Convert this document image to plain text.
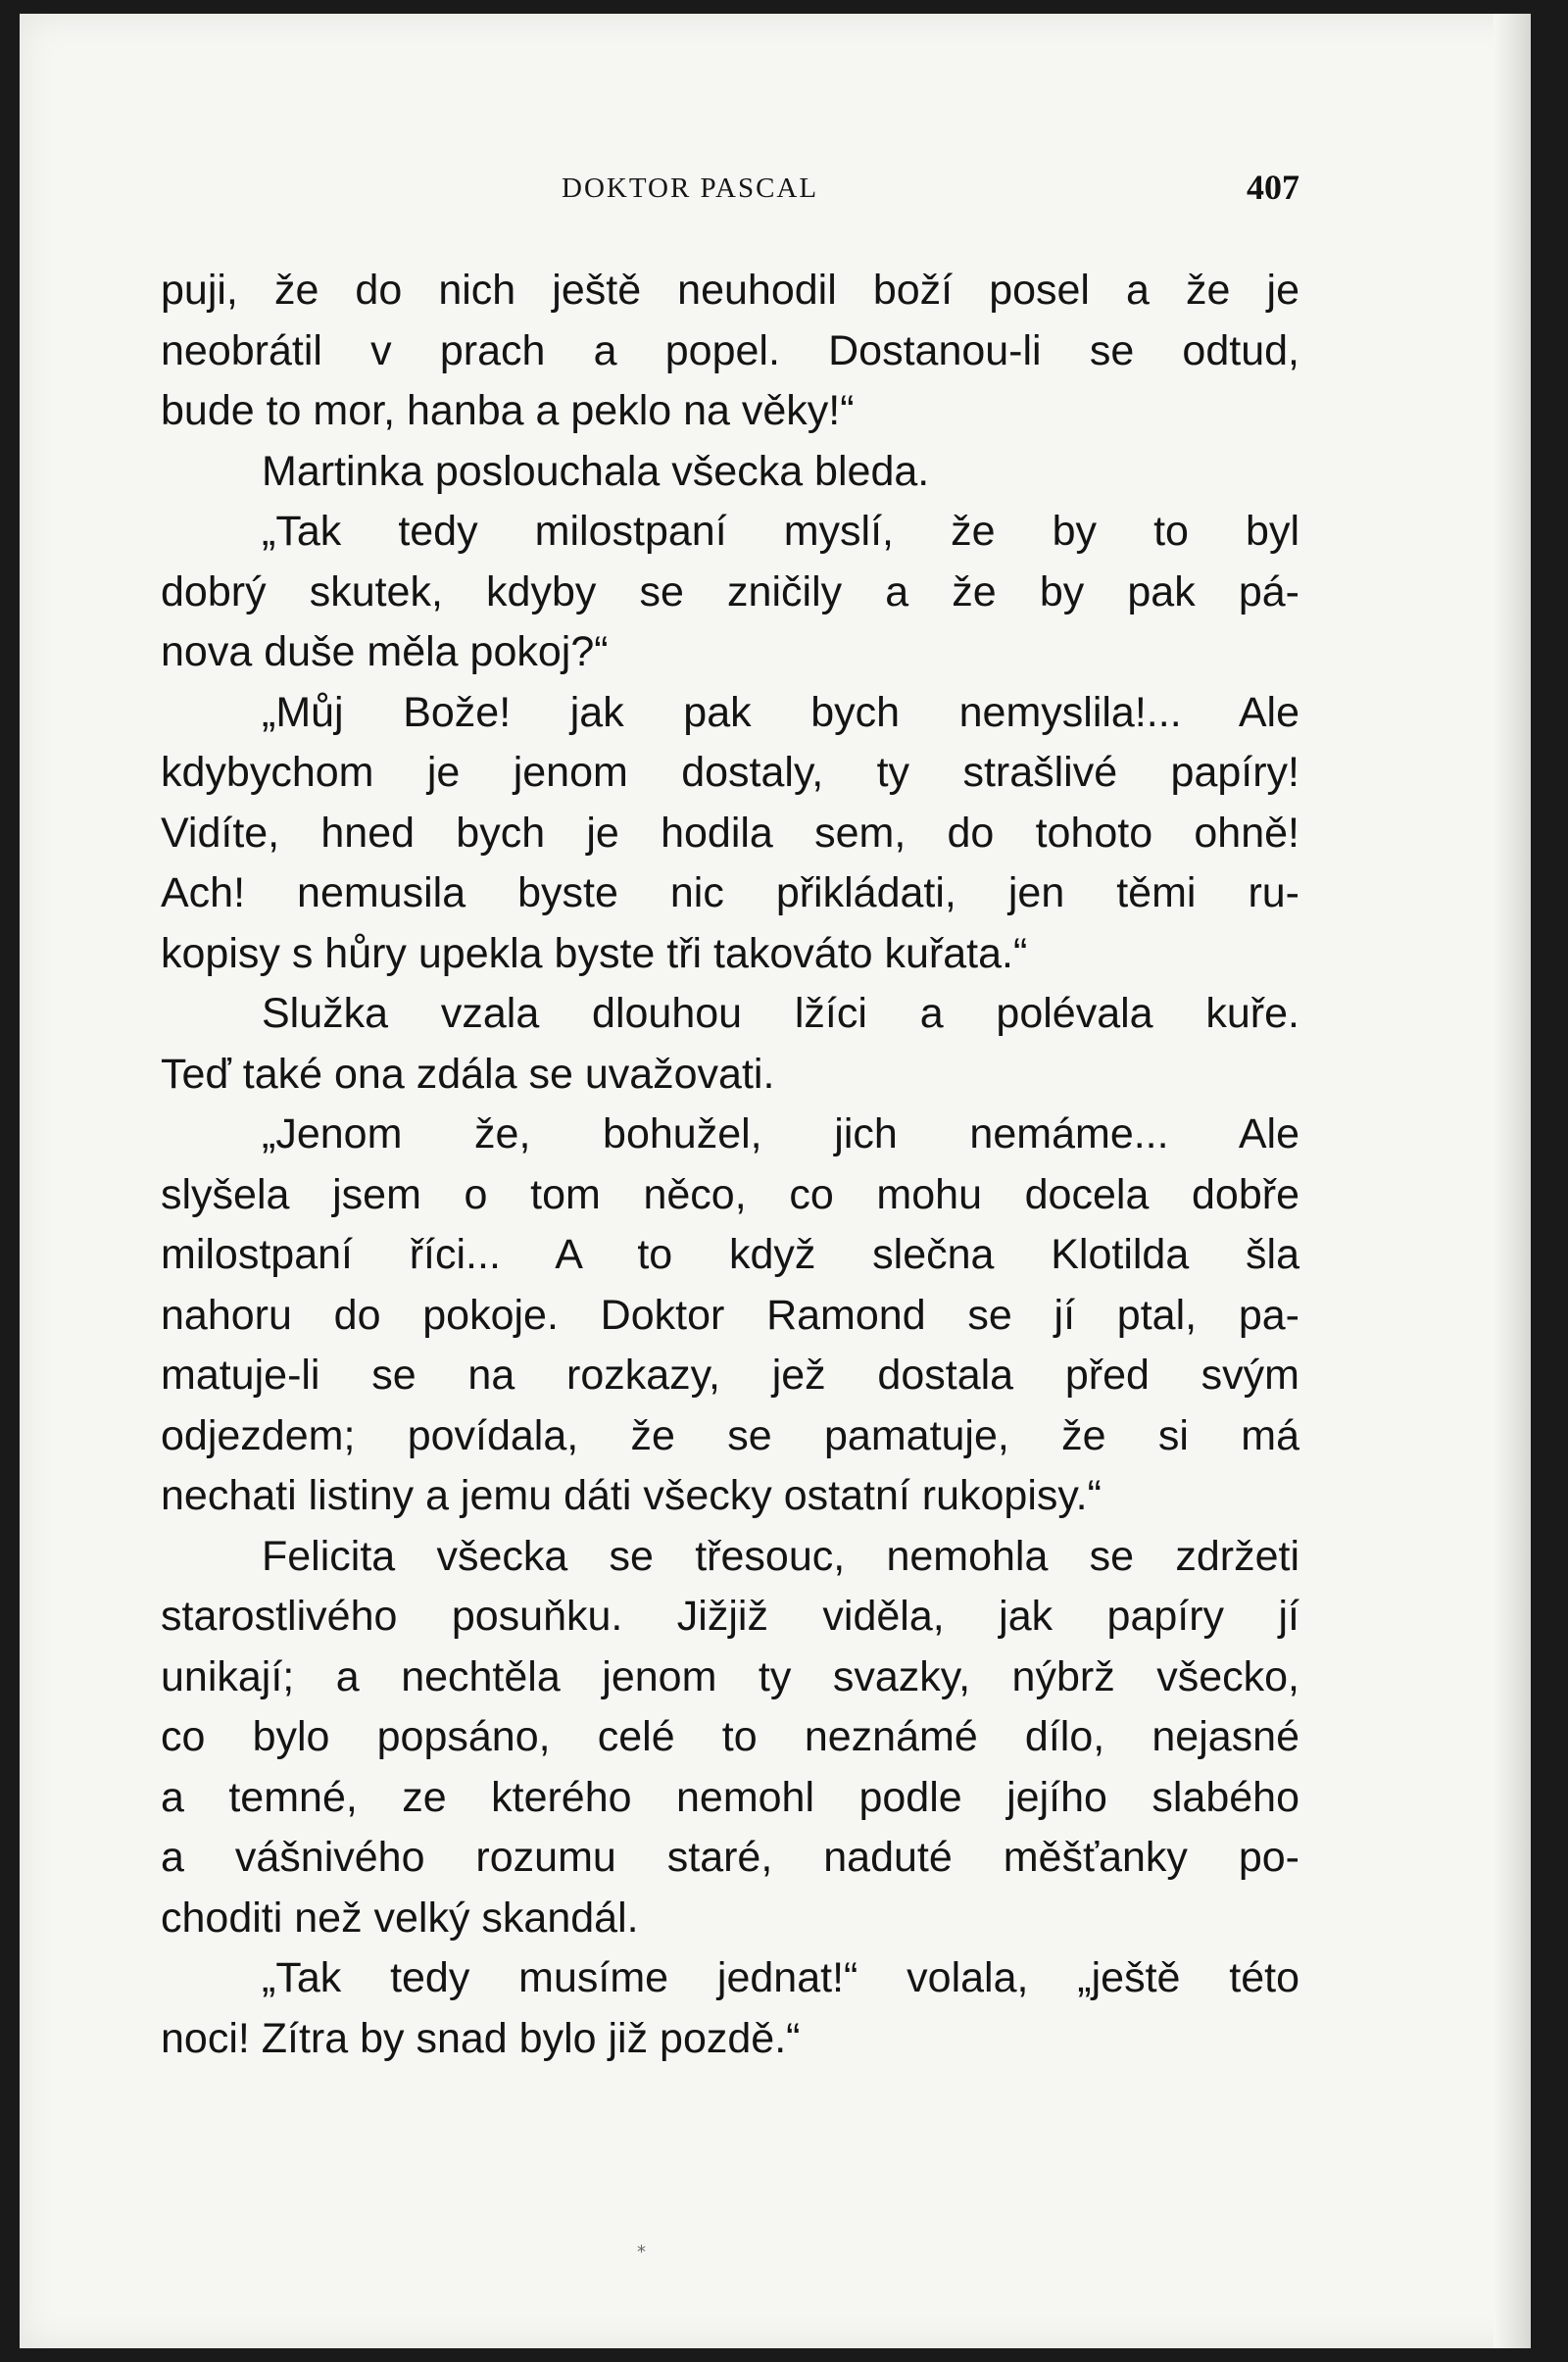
DOKTOR PASCAL	407
puji, že do nich ještě neuhodil boží posel a že je
neobrátil v prach a popel. Dostanou-li se odtud,
bude to mor, hanba a peklo na věky!“
Martinka poslouchala všecka bleda.
„Tak tedy milostpaní myslí, že by to byl
dobrý skutek, kdyby se zničily a že by pak pá-
nova duše měla pokoj?“
„Můj Bože! jak pak bych nemyslila!... Ale
kdybychom je jenom dostaly, ty strašlivé papíry!
Vidíte, hned bych je hodila sem, do tohoto ohně!
Ach! nemusila byste nic přikládati, jen těmi ru-
kopisy s hůry upekla byste tři takováto kuřata.“
Služka vzala dlouhou lžíci a polévala kuře.
Teď také ona zdála se uvažovati.
„Jenom že, bohužel, jich nemáme... Ale
slyšela jsem o tom něco, co mohu docela dobře
milostpaní říci... A to když slečna Klotilda šla
nahoru do pokoje. Doktor Ramond se jí ptal, pa-
matuje-li se na rozkazy, jež dostala před svým
odjezdem; povídala, že se pamatuje, že si má
nechati listiny a jemu dáti všecky ostatní rukopisy.“
Felicita všecka se třesouc, nemohla se zdržeti
starostlivého posuňku. Jižjiž viděla, jak papíry jí
unikají; a nechtěla jenom ty svazky, nýbrž všecko,
co bylo popsáno, celé to neznámé dílo, nejasné
a temné, ze kterého nemohl podle jejího slabého
a vášnivého rozumu staré, naduté měšťanky po-
choditi než velký skandál.
„Tak tedy musíme jednat!“ volala, „ještě této
noci! Zítra by snad bylo již pozdě.“
⁎
